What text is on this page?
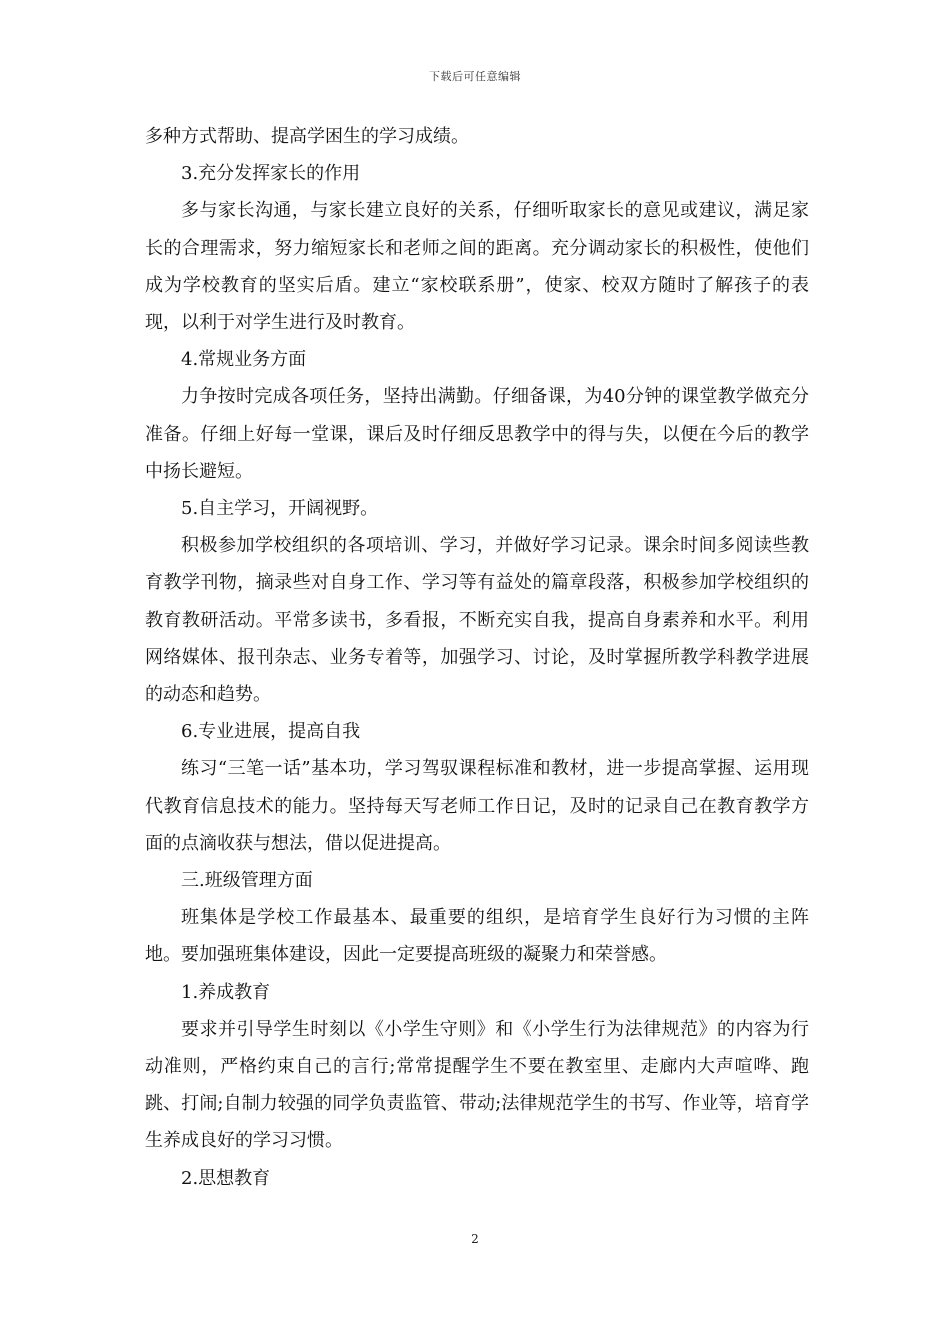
下载后可任意编辑

多种方式帮助、提高学困生的学习成绩。

3.充分发挥家长的作用

多与家长沟通，与家长建立良好的关系，仔细听取家长的意见或建议，满足家长的合理需求，努力缩短家长和老师之间的距离。充分调动家长的积极性，使他们成为学校教育的坚实后盾。建立“家校联系册”，使家、校双方随时了解孩子的表现，以利于对学生进行及时教育。

4.常规业务方面

力争按时完成各项任务，坚持出满勤。仔细备课，为40分钟的课堂教学做充分准备。仔细上好每一堂课，课后及时仔细反思教学中的得与失，以便在今后的教学中扬长避短。

5.自主学习，开阔视野。

积极参加学校组织的各项培训、学习，并做好学习记录。课余时间多阅读些教育教学刊物，摘录些对自身工作、学习等有益处的篇章段落，积极参加学校组织的教育教研活动。平常多读书，多看报，不断充实自我，提高自身素养和水平。利用网络媒体、报刊杂志、业务专着等，加强学习、讨论，及时掌握所教学科教学进展的动态和趋势。

6.专业进展，提高自我

练习“三笔一话”基本功，学习驾驭课程标准和教材，进一步提高掌握、运用现代教育信息技术的能力。坚持每天写老师工作日记，及时的记录自己在教育教学方面的点滴收获与想法，借以促进提高。

三.班级管理方面

班集体是学校工作最基本、最重要的组织，是培育学生良好行为习惯的主阵地。要加强班集体建设，因此一定要提高班级的凝聚力和荣誉感。

1.养成教育

要求并引导学生时刻以《小学生守则》和《小学生行为法律规范》的内容为行动准则，严格约束自己的言行;常常提醒学生不要在教室里、走廊内大声喧哗、跑跳、打闹;自制力较强的同学负责监管、带动;法律规范学生的书写、作业等，培育学生养成良好的学习习惯。

2.思想教育

2
